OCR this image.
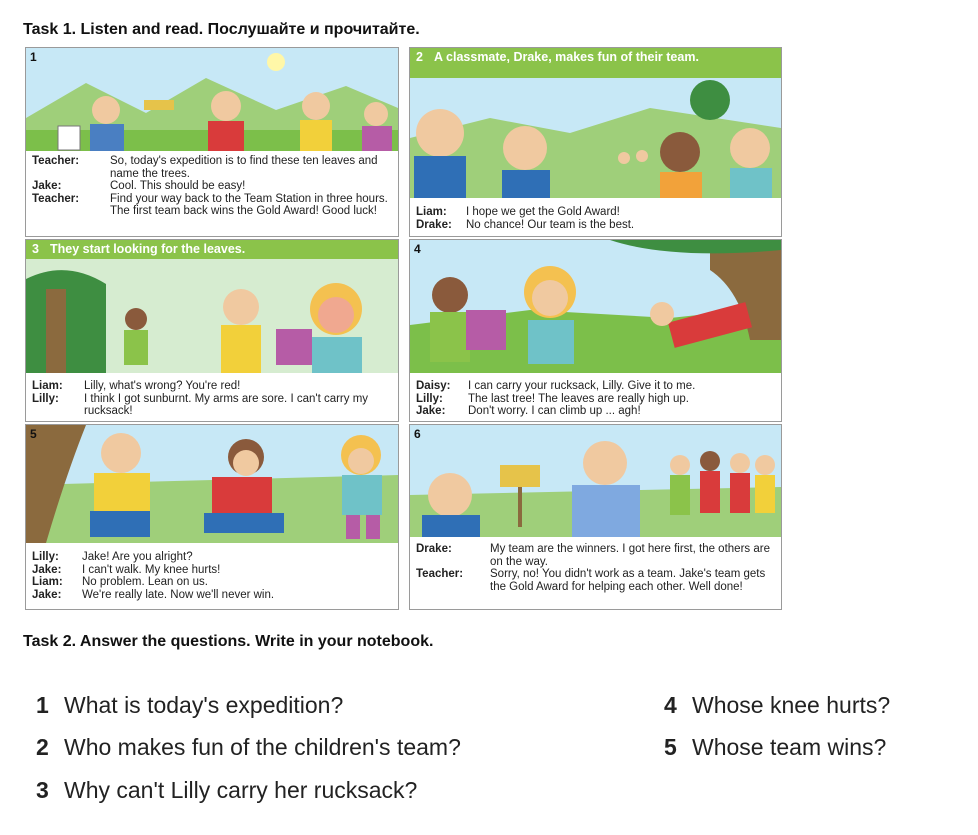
Task 1. Listen and read. Послушайте и прочитайте.
1
Teacher:	So, today's expedition is to find these ten leaves and name the trees.
Jake:	Cool. This should be easy!
Teacher:	Find your way back to the Team Station in three hours. The first team back wins the Gold Award! Good luck!
2 A classmate, Drake, makes fun of their team.
Liam:	I hope we get the Gold Award!
Drake:	No chance! Our team is the best.
3 They start looking for the leaves.
Liam:	Lilly, what's wrong? You're red!
Lilly:	I think I got sunburnt. My arms are sore. I can't carry my rucksack!
4
Daisy:	I can carry your rucksack, Lilly. Give it to me.
Lilly:	The last tree! The leaves are really high up.
Jake:	Don't worry. I can climb up ... agh!
5
Lilly:	Jake! Are you alright?
Jake:	I can't walk. My knee hurts!
Liam:	No problem. Lean on us.
Jake:	We're really late. Now we'll never win.
6
Drake:	My team are the winners. I got here first, the others are on the way.
Teacher:	Sorry, no! You didn't work as a team. Jake's team gets the Gold Award for helping each other. Well done!
Task 2. Answer the questions. Write in your notebook.
1 What is today's expedition?
2 Who makes fun of the children's team?
3 Why can't Lilly carry her rucksack?
4 Whose knee hurts?
5 Whose team wins?
